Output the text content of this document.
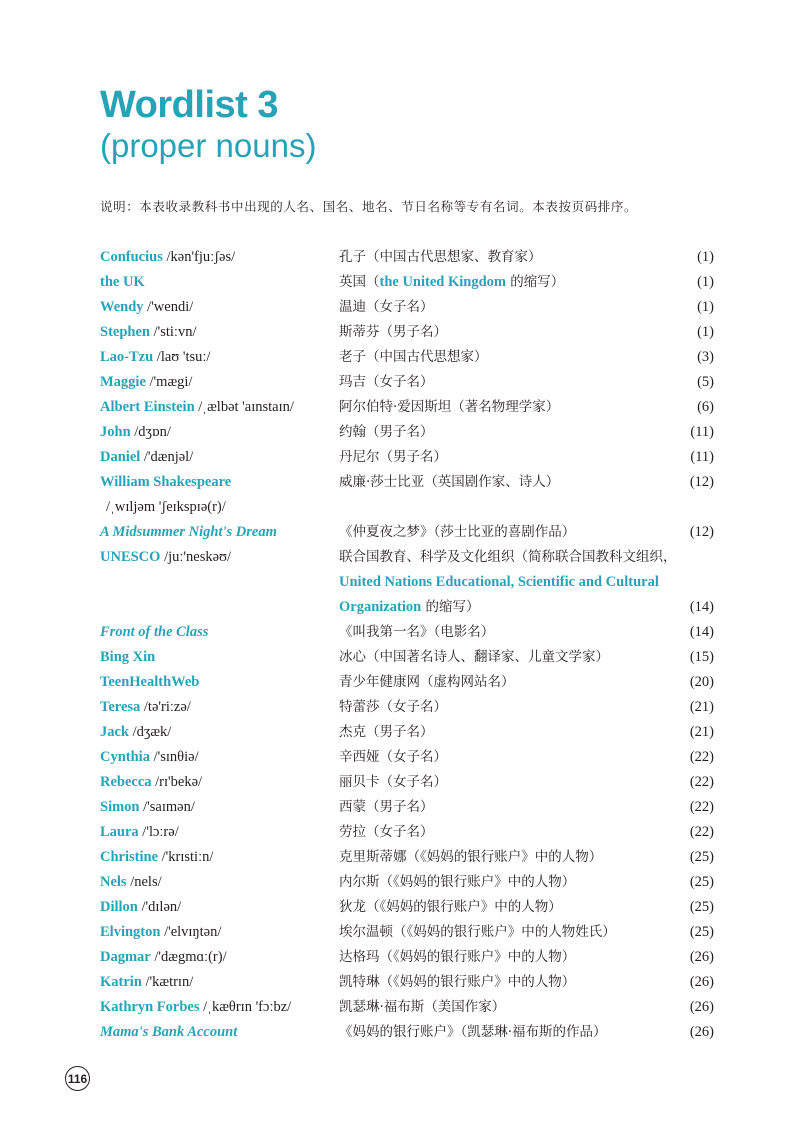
Wordlist 3
(proper nouns)
说明：本表收录教科书中出现的人名、国名、地名、节日名称等专有名词。本表按页码排序。
Confucius /kən'fjuːʃəs/	孔子（中国古代思想家、教育家）	(1)
the UK	英国（the United Kingdom 的缩写）	(1)
Wendy /'wendi/	温迪（女子名）	(1)
Stephen /'stiːvn/	斯蒂芬（男子名）	(1)
Lao-Tzu /laʊ 'tsuː/	老子（中国古代思想家）	(3)
Maggie /'mægi/	玛吉（女子名）	(5)
Albert Einstein /ˌælbət 'aɪnstaɪn/	阿尔伯特·爱因斯坦（著名物理学家）	(6)
John /dʒɒn/	约翰（男子名）	(11)
Daniel /'dænjəl/	丹尼尔（男子名）	(11)
William Shakespeare	威廉·莎士比亚（英国剧作家、诗人）	(12)
/ˌwɪljəm 'ʃeɪkspɪə(r)/
A Midsummer Night's Dream	《仲夏夜之梦》（莎士比亚的喜剧作品）	(12)
UNESCO /juː'neskəʊ/	联合国教育、科学及文化组织（简称联合国教科文组织，
United Nations Educational, Scientific and Cultural
Organization 的缩写）	(14)
Front of the Class	《叫我第一名》（电影名）	(14)
Bing Xin	冰心（中国著名诗人、翻译家、儿童文学家）	(15)
TeenHealthWeb	青少年健康网（虚构网站名）	(20)
Teresa /tə'riːzə/	特蕾莎（女子名）	(21)
Jack /dʒæk/	杰克（男子名）	(21)
Cynthia /'sɪnθiə/	辛西娅（女子名）	(22)
Rebecca /rɪ'bekə/	丽贝卡（女子名）	(22)
Simon /'saɪmən/	西蒙（男子名）	(22)
Laura /'lɔːrə/	劳拉（女子名）	(22)
Christine /'krɪstiːn/	克里斯蒂娜（《妈妈的银行账户》中的人物）	(25)
Nels /nels/	内尔斯（《妈妈的银行账户》中的人物）	(25)
Dillon /'dɪlən/	狄龙（《妈妈的银行账户》中的人物）	(25)
Elvington /'elvɪŋtən/	埃尔温顿（《妈妈的银行账户》中的人物姓氏）	(25)
Dagmar /'dægmɑː(r)/	达格玛（《妈妈的银行账户》中的人物）	(26)
Katrin /'kætrɪn/	凯特琳（《妈妈的银行账户》中的人物）	(26)
Kathryn Forbes /ˌkæθrɪn 'fɔːbz/	凯瑟琳·福布斯（美国作家）	(26)
Mama's Bank Account	《妈妈的银行账户》（凯瑟琳·福布斯的作品）	(26)
116
